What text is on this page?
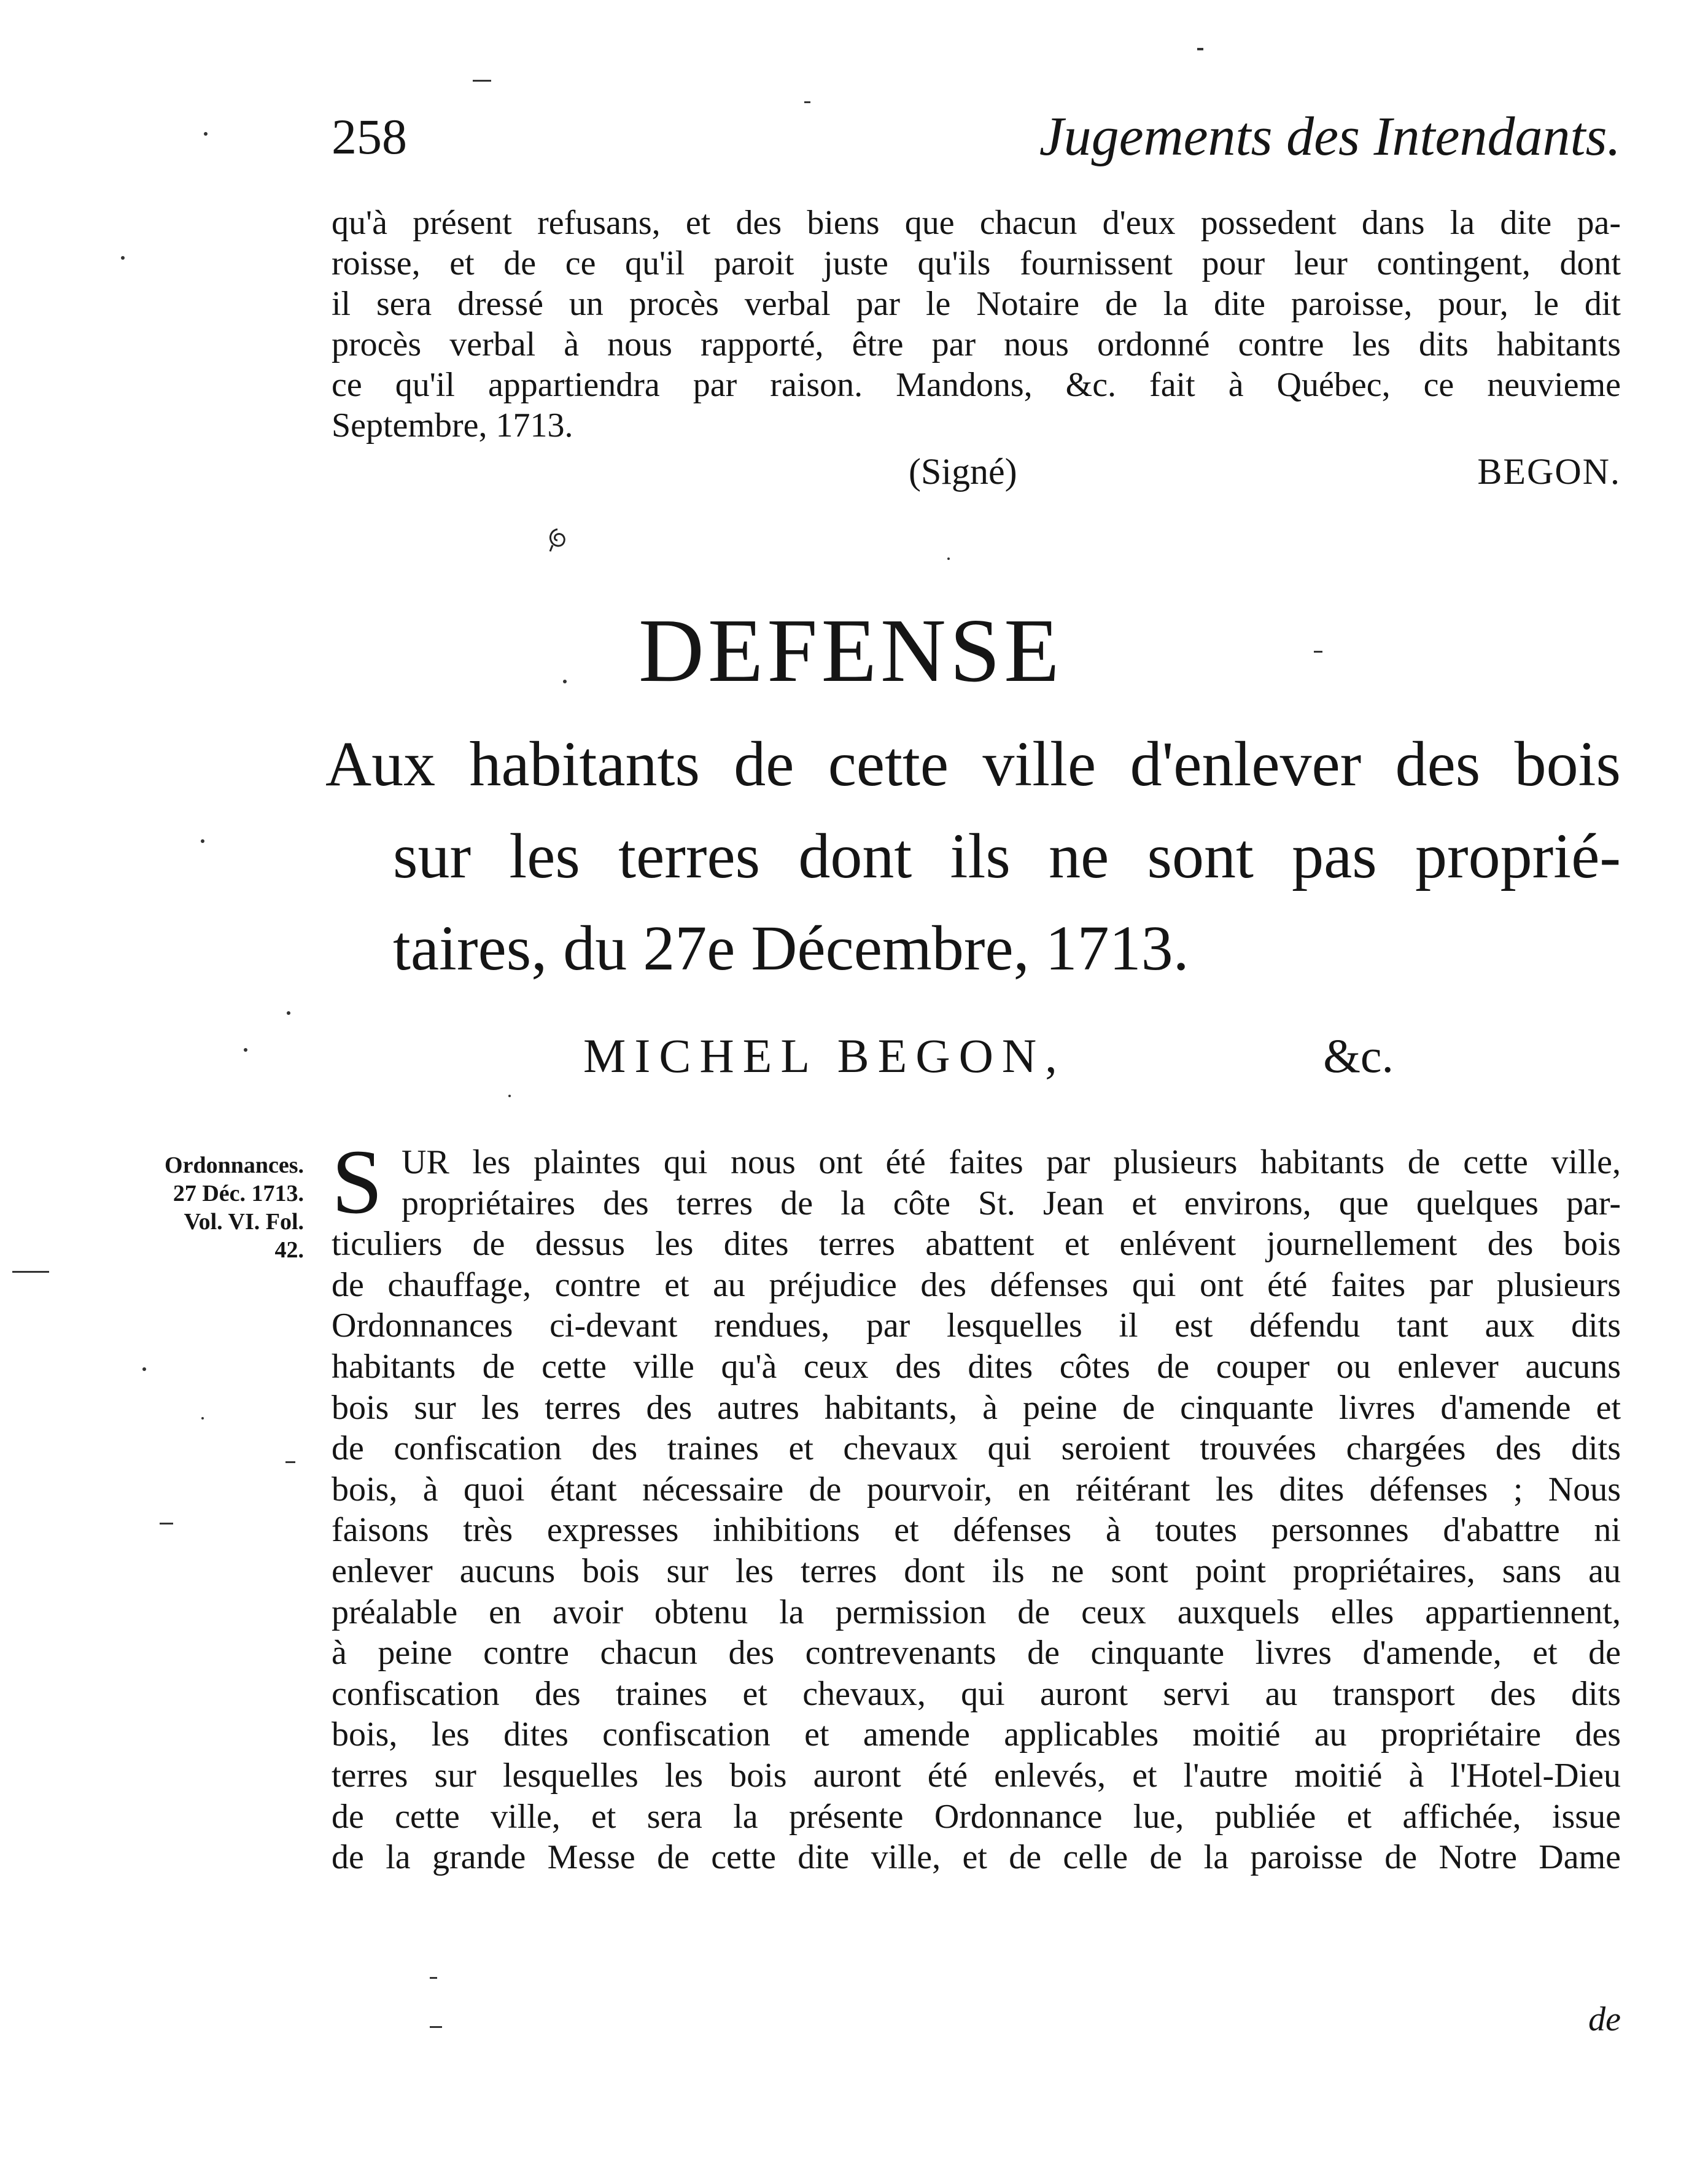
258	Jugements des Intendants.
qu'à présent refusans, et des biens que chacun d'eux possedent dans la dite pa-
roisse, et de ce qu'il paroit juste qu'ils fournissent pour leur contingent, dont
il sera dressé un procès verbal par le Notaire de la dite paroisse, pour, le dit
procès verbal à nous rapporté, être par nous ordonné contre les dits habitants
ce qu'il appartiendra par raison. Mandons, &c. fait à Québec, ce neuvieme
Septembre, 1713.
(Signé)	BEGON.
DEFENSE
Aux habitants de cette ville d'enlever des bois
sur les terres dont ils ne sont pas proprié-
taires, du 27e Décembre, 1713.
MICHEL BEGON,	&c.
Ordonnances.
27 Déc. 1713.
Vol. VI. Fol.
42.
S UR les plaintes qui nous ont été faites par plusieurs habitants de cette ville,
propriétaires des terres de la côte St. Jean et environs, que quelques par-
ticuliers de dessus les dites terres abattent et enlévent journellement des bois
de chauffage, contre et au préjudice des défenses qui ont été faites par plusieurs
Ordonnances ci-devant rendues, par lesquelles il est défendu tant aux dits
habitants de cette ville qu'à ceux des dites côtes de couper ou enlever aucuns
bois sur les terres des autres habitants, à peine de cinquante livres d'amende et
de confiscation des traines et chevaux qui seroient trouvées chargées des dits
bois, à quoi étant nécessaire de pourvoir, en réitérant les dites défenses ; Nous
faisons très expresses inhibitions et défenses à toutes personnes d'abattre ni
enlever aucuns bois sur les terres dont ils ne sont point propriétaires, sans au
préalable en avoir obtenu la permission de ceux auxquels elles appartiennent,
à peine contre chacun des contrevenants de cinquante livres d'amende, et de
confiscation des traines et chevaux, qui auront servi au transport des dits
bois, les dites confiscation et amende applicables moitié au propriétaire des
terres sur lesquelles les bois auront été enlevés, et l'autre moitié à l'Hotel-Dieu
de cette ville, et sera la présente Ordonnance lue, publiée et affichée, issue
de la grande Messe de cette dite ville, et de celle de la paroisse de Notre Dame
de
